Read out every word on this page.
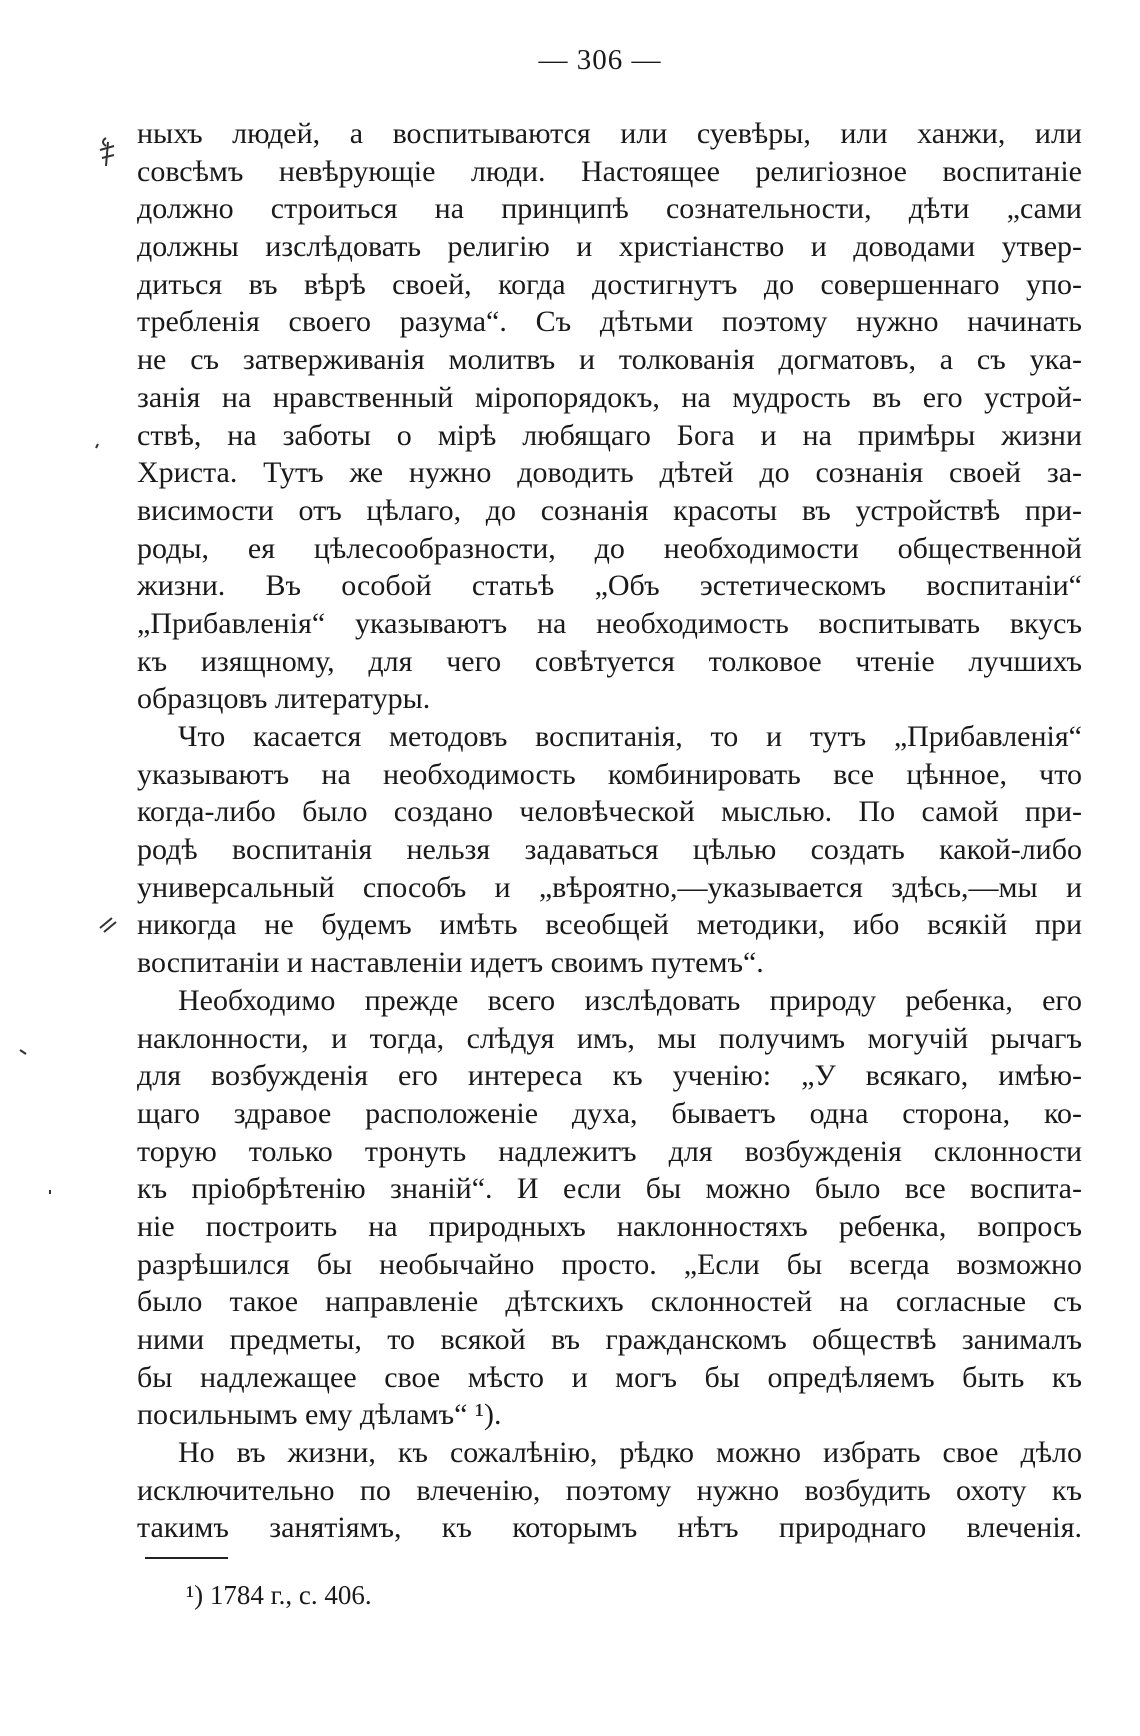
— 306 —
ныхъ людей, а воспитываются или суевѣры, или ханжи, или
совсѣмъ невѣрующіе люди. Настоящее религіозное воспитаніе
должно строиться на принципѣ сознательности, дѣти „сами
должны изслѣдовать религію и христіанство и доводами утвер-
диться въ вѣрѣ своей, когда достигнутъ до совершеннаго упо-
требленія своего разума“. Съ дѣтьми поэтому нужно начинать
не съ затверживанія молитвъ и толкованія догматовъ, а съ ука-
занія на нравственный міропорядокъ, на мудрость въ его устрой-
ствѣ, на заботы о мірѣ любящаго Бога и на примѣры жизни
Христа. Тутъ же нужно доводить дѣтей до сознанія своей за-
висимости отъ цѣлаго, до сознанія красоты въ устройствѣ при-
роды, ея цѣлесообразности, до необходимости общественной
жизни. Въ особой статьѣ „Объ эстетическомъ воспитаніи“
„Прибавленія“ указываютъ на необходимость воспитывать вкусъ
къ изящному, для чего совѣтуется толковое чтеніе лучшихъ
образцовъ литературы.
Что касается методовъ воспитанія, то и тутъ „Прибавленія“
указываютъ на необходимость комбинировать все цѣнное, что
когда-либо было создано человѣческой мыслью. По самой при-
родѣ воспитанія нельзя задаваться цѣлью создать какой-либо
универсальный способъ и „вѣроятно,—указывается здѣсь,—мы и
никогда не будемъ имѣть всеобщей методики, ибо всякій при
воспитаніи и наставленіи идетъ своимъ путемъ“.
Необходимо прежде всего изслѣдовать природу ребенка, его
наклонности, и тогда, слѣдуя имъ, мы получимъ могучій рычагъ
для возбужденія его интереса къ ученію: „У всякаго, имѣю-
щаго здравое расположеніе духа, бываетъ одна сторона, ко-
торую только тронуть надлежитъ для возбужденія склонности
къ пріобрѣтенію знаній“. И если бы можно было все воспита-
ніе построить на природныхъ наклонностяхъ ребенка, вопросъ
разрѣшился бы необычайно просто. „Если бы всегда возможно
было такое направленіе дѣтскихъ склонностей на согласные съ
ними предметы, то всякой въ гражданскомъ обществѣ занималъ
бы надлежащее свое мѣсто и могъ бы опредѣляемъ быть къ
посильнымъ ему дѣламъ“ ¹).
Но въ жизни, къ сожалѣнію, рѣдко можно избрать свое дѣло
исключительно по влеченію, поэтому нужно возбудить охоту къ
такимъ занятіямъ, къ которымъ нѣтъ природнаго влеченія.
¹) 1784 г., с. 406.
